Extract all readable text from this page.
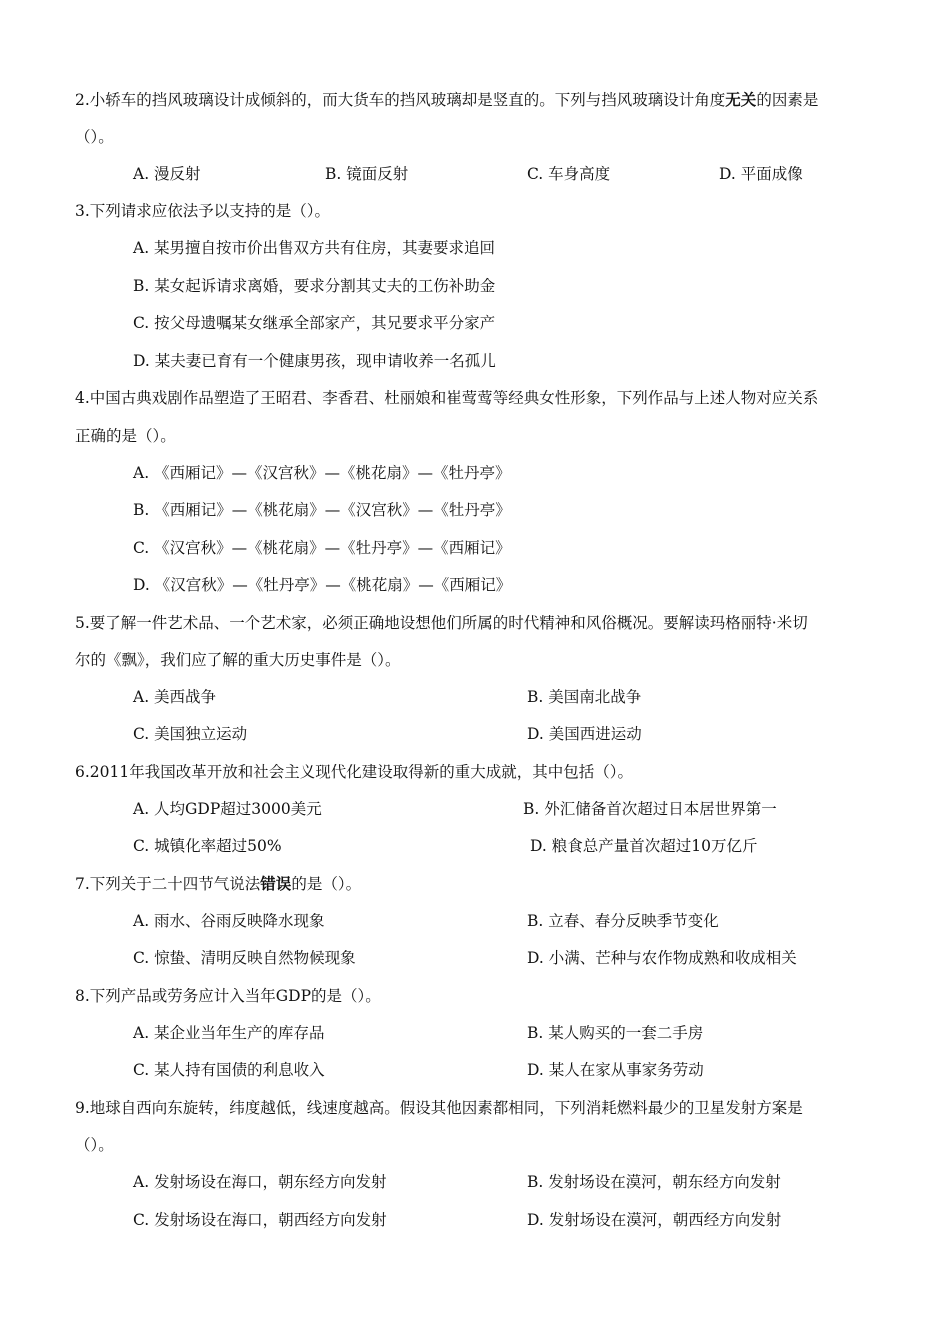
2.小轿车的挡风玻璃设计成倾斜的，而大货车的挡风玻璃却是竖直的。下列与挡风玻璃设计角度无关的因素是
（）。
A. 漫反射	B. 镜面反射	C. 车身高度	D. 平面成像
3.下列请求应依法予以支持的是（）。
A. 某男擅自按市价出售双方共有住房，其妻要求追回
B. 某女起诉请求离婚，要求分割其丈夫的工伤补助金
C. 按父母遗嘱某女继承全部家产，其兄要求平分家产
D. 某夫妻已育有一个健康男孩，现申请收养一名孤儿
4.中国古典戏剧作品塑造了王昭君、李香君、杜丽娘和崔莺莺等经典女性形象，下列作品与上述人物对应关系
正确的是（）。
A. 《西厢记》—《汉宫秋》—《桃花扇》—《牡丹亭》
B. 《西厢记》—《桃花扇》—《汉宫秋》—《牡丹亭》
C. 《汉宫秋》—《桃花扇》—《牡丹亭》—《西厢记》
D. 《汉宫秋》—《牡丹亭》—《桃花扇》—《西厢记》
5.要了解一件艺术品、一个艺术家，必须正确地设想他们所属的时代精神和风俗概况。要解读玛格丽特·米切
尔的《飘》，我们应了解的重大历史事件是（）。
A. 美西战争	B. 美国南北战争
C. 美国独立运动	D. 美国西进运动
6.2011年我国改革开放和社会主义现代化建设取得新的重大成就，其中包括（）。
A. 人均GDP超过3000美元	B. 外汇储备首次超过日本居世界第一
C. 城镇化率超过50%	D. 粮食总产量首次超过10万亿斤
7.下列关于二十四节气说法错误的是（）。
A. 雨水、谷雨反映降水现象	B. 立春、春分反映季节变化
C. 惊蛰、清明反映自然物候现象	D. 小满、芒种与农作物成熟和收成相关
8.下列产品或劳务应计入当年GDP的是（）。
A. 某企业当年生产的库存品	B. 某人购买的一套二手房
C. 某人持有国债的利息收入	D. 某人在家从事家务劳动
9.地球自西向东旋转，纬度越低，线速度越高。假设其他因素都相同，下列消耗燃料最少的卫星发射方案是
（）。
A. 发射场设在海口，朝东经方向发射	B. 发射场设在漠河，朝东经方向发射
C. 发射场设在海口，朝西经方向发射	D. 发射场设在漠河，朝西经方向发射
